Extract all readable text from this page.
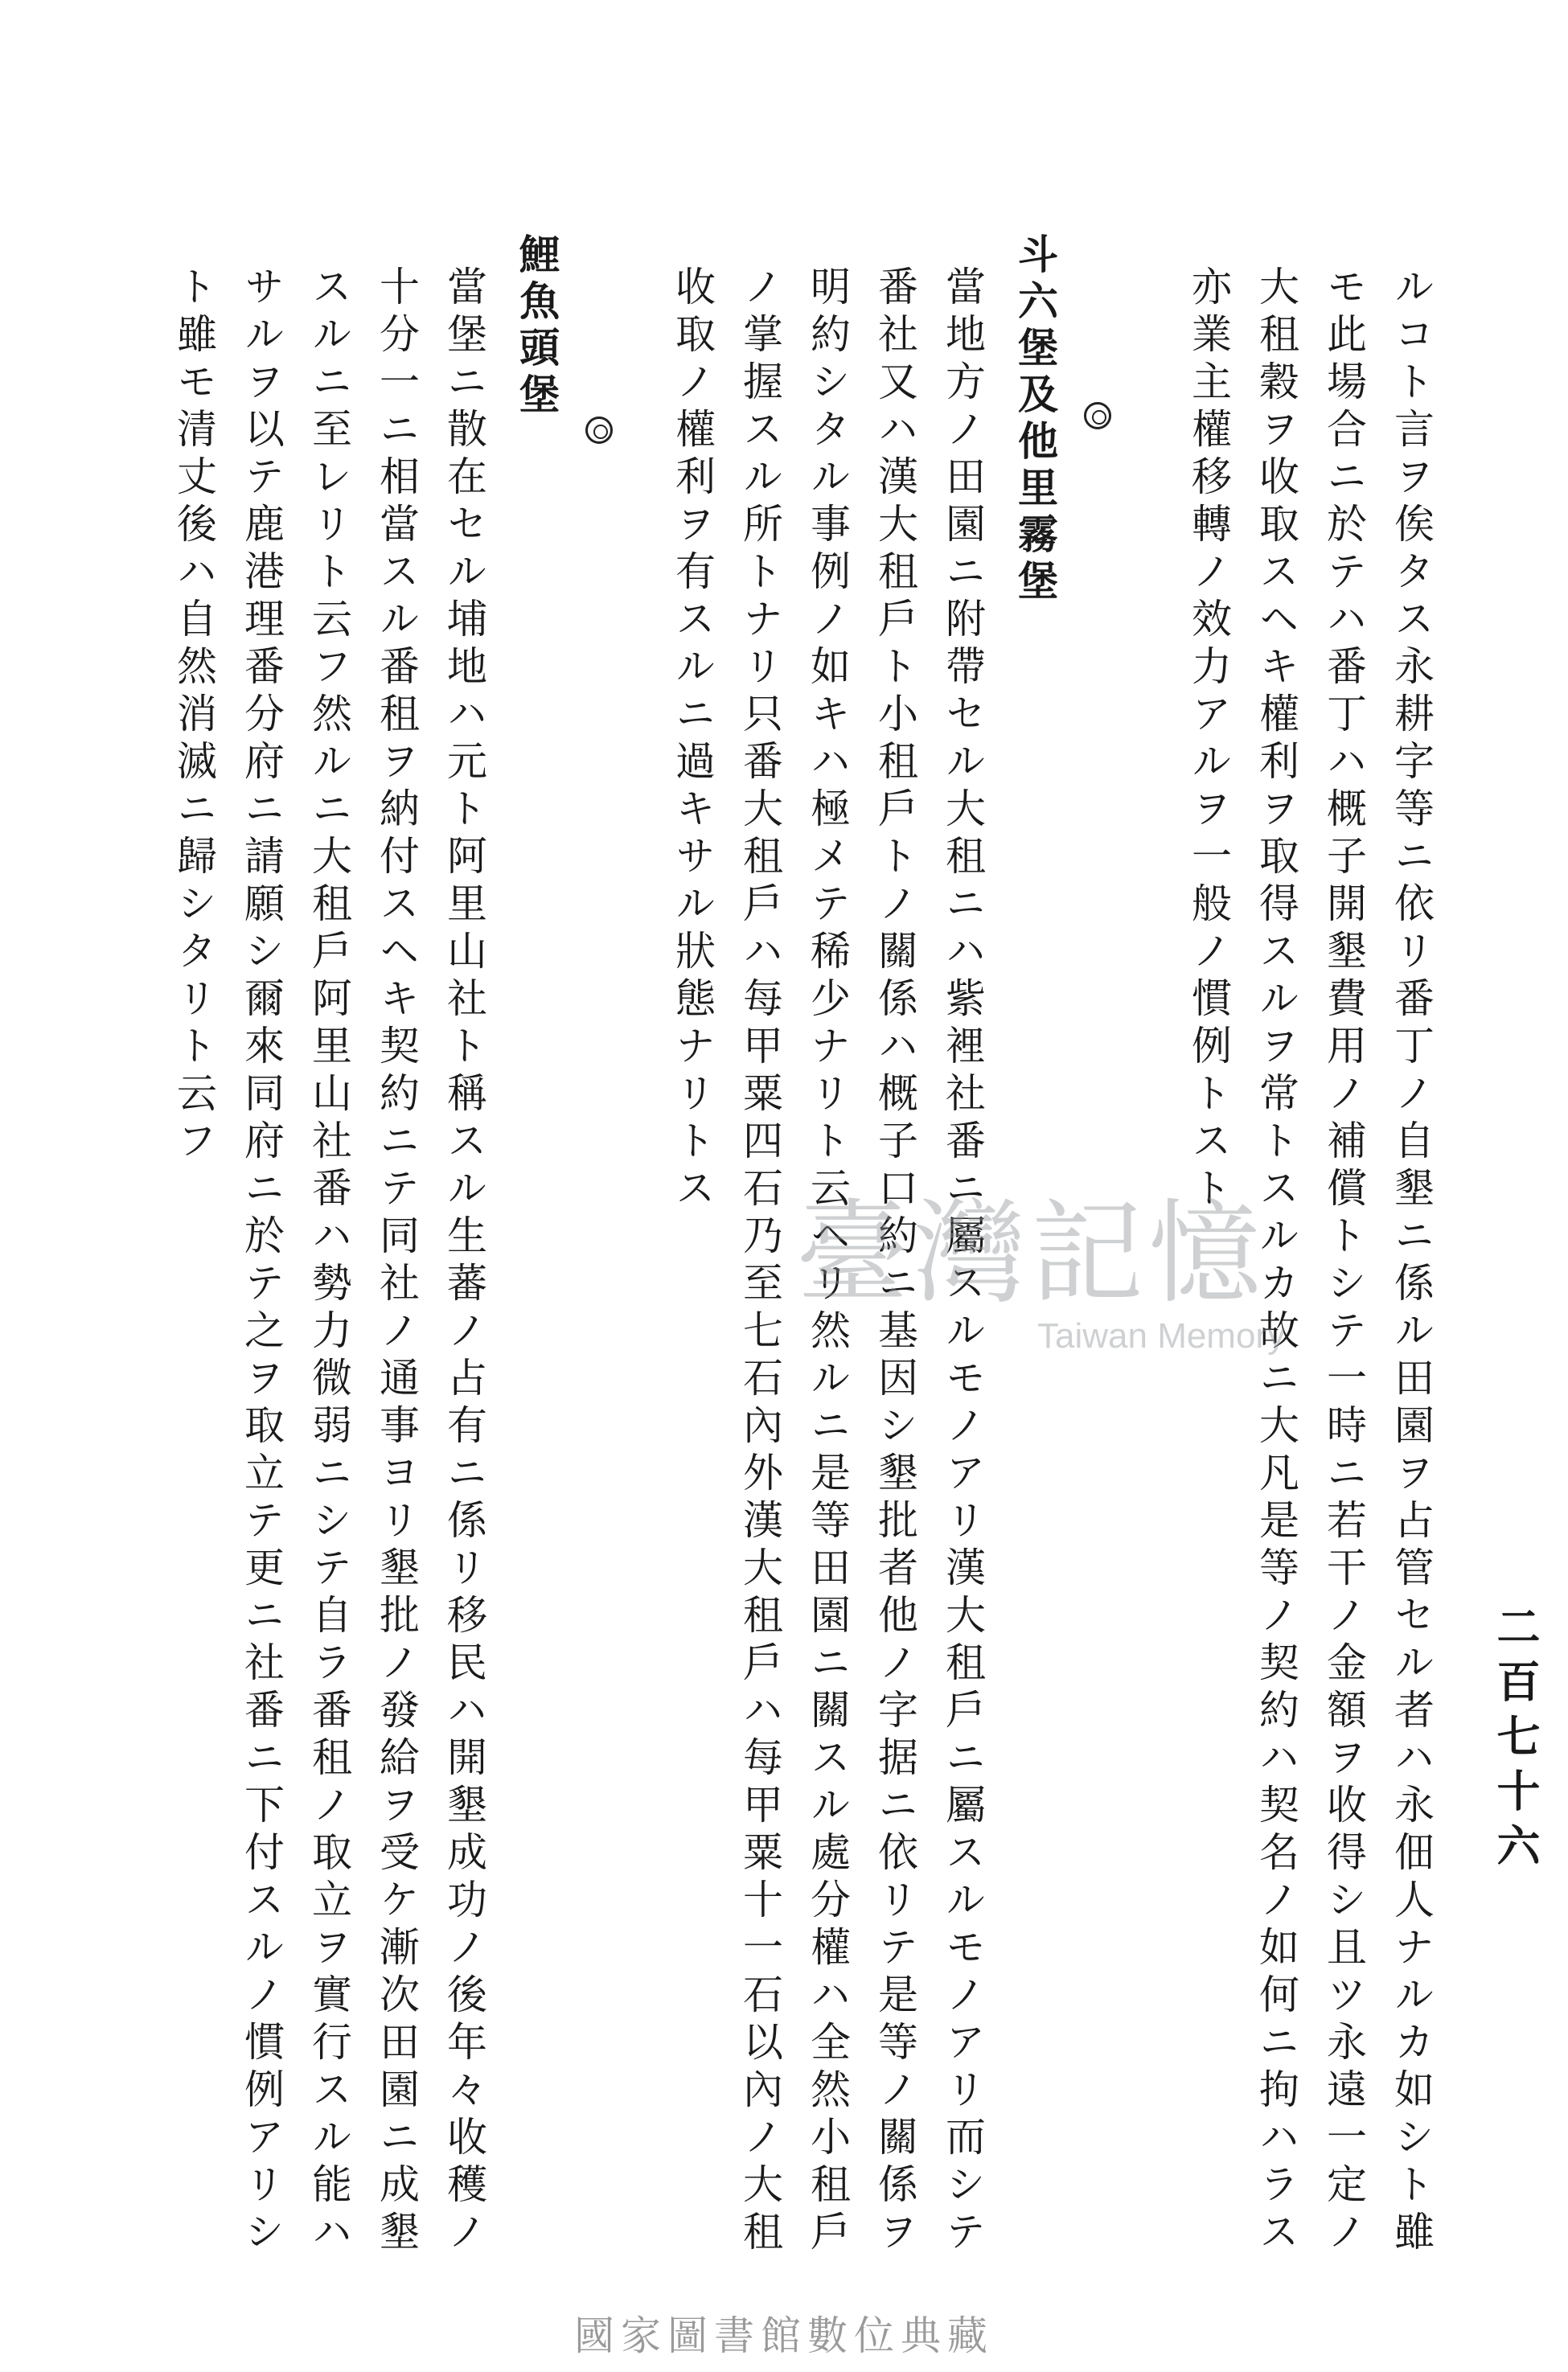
二百七十六
ルコト言ヲ俟タス永耕字等ニ依リ番丁ノ自墾ニ係ル田園ヲ占管セル者ハ永佃人ナルカ如シト雖
モ此場合ニ於テハ番丁ハ概子開墾費用ノ補償トシテ一時ニ若干ノ金額ヲ收得シ且ツ永遠一定ノ
大租穀ヲ收取スヘキ權利ヲ取得スルヲ常トスルカ故ニ大凡是等ノ契約ハ契名ノ如何ニ拘ハラス
亦業主權移轉ノ效力アルヲ一般ノ慣例トスト
斗六堡及他里霧堡
當地方ノ田園ニ附帶セル大租ニハ紫裡社番ニ屬スルモノアリ漢大租戶ニ屬スルモノアリ而シテ
番社又ハ漢大租戶ト小租戶トノ關係ハ概子口約ニ基因シ墾批者他ノ字据ニ依リテ是等ノ關係ヲ
明約シタル事例ノ如キハ極メテ稀少ナリト云ヘリ然ルニ是等田園ニ關スル處分權ハ全然小租戶
ノ掌握スル所トナリ只番大租戶ハ每甲粟四石乃至七石內外漢大租戶ハ每甲粟十一石以內ノ大租
收取ノ權利ヲ有スルニ過キサル狀態ナリトス
鯉魚頭堡
當堡ニ散在セル埔地ハ元ト阿里山社ト稱スル生蕃ノ占有ニ係リ移民ハ開墾成功ノ後年々收穫ノ
十分一ニ相當スル番租ヲ納付スヘキ契約ニテ同社ノ通事ヨリ墾批ノ發給ヲ受ケ漸次田園ニ成墾
スルニ至レリト云フ然ルニ大租戶阿里山社番ハ勢力微弱ニシテ自ラ番租ノ取立ヲ實行スル能ハ
サルヲ以テ鹿港理番分府ニ請願シ爾來同府ニ於テ之ヲ取立テ更ニ社番ニ下付スルノ慣例アリシ
ト雖モ清丈後ハ自然消滅ニ歸シタリト云フ
臺灣記憶
Taiwan Memory
國家圖書館數位典藏
